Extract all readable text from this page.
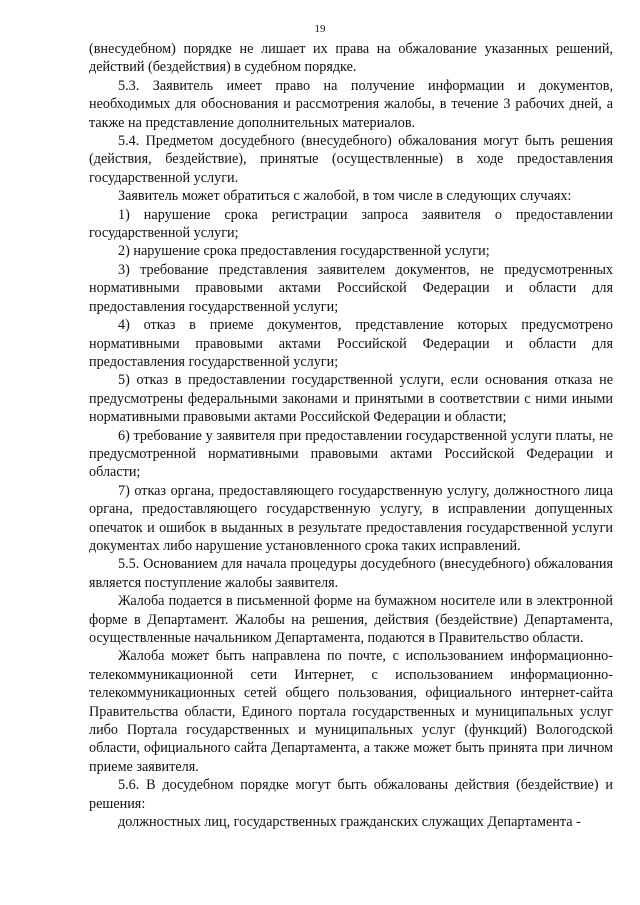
19

(внесудебном) порядке не лишает их права на обжалование указанных решений, действий (бездействия) в судебном порядке.

5.3. Заявитель имеет право на получение информации и документов, необходимых для обоснования и рассмотрения жалобы, в течение 3 рабочих дней, а также на представление дополнительных материалов.

5.4. Предметом досудебного (внесудебного) обжалования могут быть решения (действия, бездействие), принятые (осуществленные) в ходе предоставления государственной услуги.

Заявитель может обратиться с жалобой, в том числе в следующих случаях:

1) нарушение срока регистрации запроса заявителя о предоставлении государственной услуги;

2) нарушение срока предоставления государственной услуги;

3) требование представления заявителем документов, не предусмотренных нормативными правовыми актами Российской Федерации и области для предоставления государственной услуги;

4) отказ в приеме документов, представление которых предусмотрено нормативными правовыми актами Российской Федерации и области для предоставления государственной услуги;

5) отказ в предоставлении государственной услуги, если основания отказа не предусмотрены федеральными законами и принятыми в соответствии с ними иными нормативными правовыми актами Российской Федерации и области;

6) требование у заявителя при предоставлении государственной услуги платы, не предусмотренной нормативными правовыми актами Российской Федерации и области;

7) отказ органа, предоставляющего государственную услугу, должностного лица органа, предоставляющего государственную услугу, в исправлении допущенных опечаток и ошибок в выданных в результате предоставления государственной услуги документах либо нарушение установленного срока таких исправлений.

5.5. Основанием для начала процедуры досудебного (внесудебного) обжалования является поступление жалобы заявителя.

Жалоба подается в письменной форме на бумажном носителе или в электронной форме в Департамент. Жалобы на решения, действия (бездействие) Департамента, осуществленные начальником Департамента, подаются в Правительство области.

Жалоба может быть направлена по почте, с использованием информационно-телекоммуникационной сети Интернет, с использованием информационно-телекоммуникационных сетей общего пользования, официального интернет-сайта Правительства области, Единого портала государственных и муниципальных услуг либо Портала государственных и муниципальных услуг (функций) Вологодской области, официального сайта Департамента, а также может быть принята при личном приеме заявителя.

5.6. В досудебном порядке могут быть обжалованы действия (бездействие) и решения:

должностных лиц, государственных гражданских служащих Департамента -
